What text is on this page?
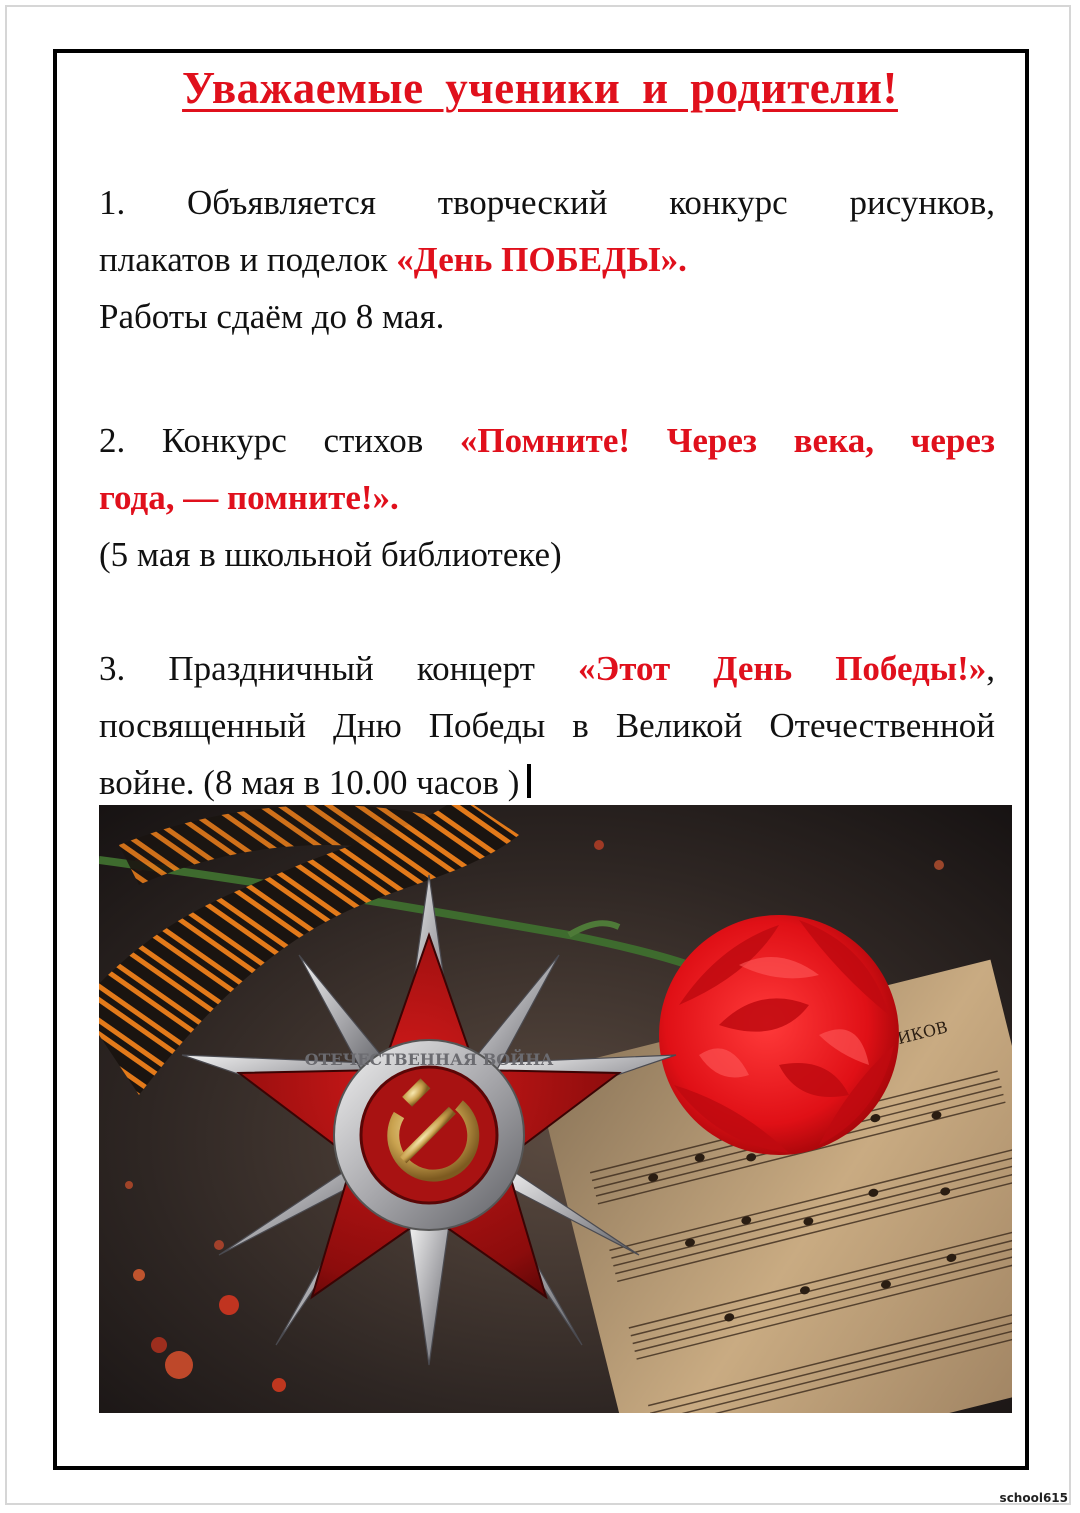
Уважаемые ученики и родители!
1. Объявляется творческий конкурс рисунков,
плакатов и поделок «День ПОБЕДЫ».
Работы сдаём до 8 мая.
2. Конкурс стихов «Помните! Через века, через
года, — помните!».
(5 мая в школьной библиотеке)
3. Праздничный концерт «Этот День Победы!»,
посвященный Дню Победы в Великой Отечественной
войне. (8 мая в 10.00 часов )
ЛЕТЧИКОВ
ОТЕЧЕСТВЕННАЯ ВОЙНА
school615
